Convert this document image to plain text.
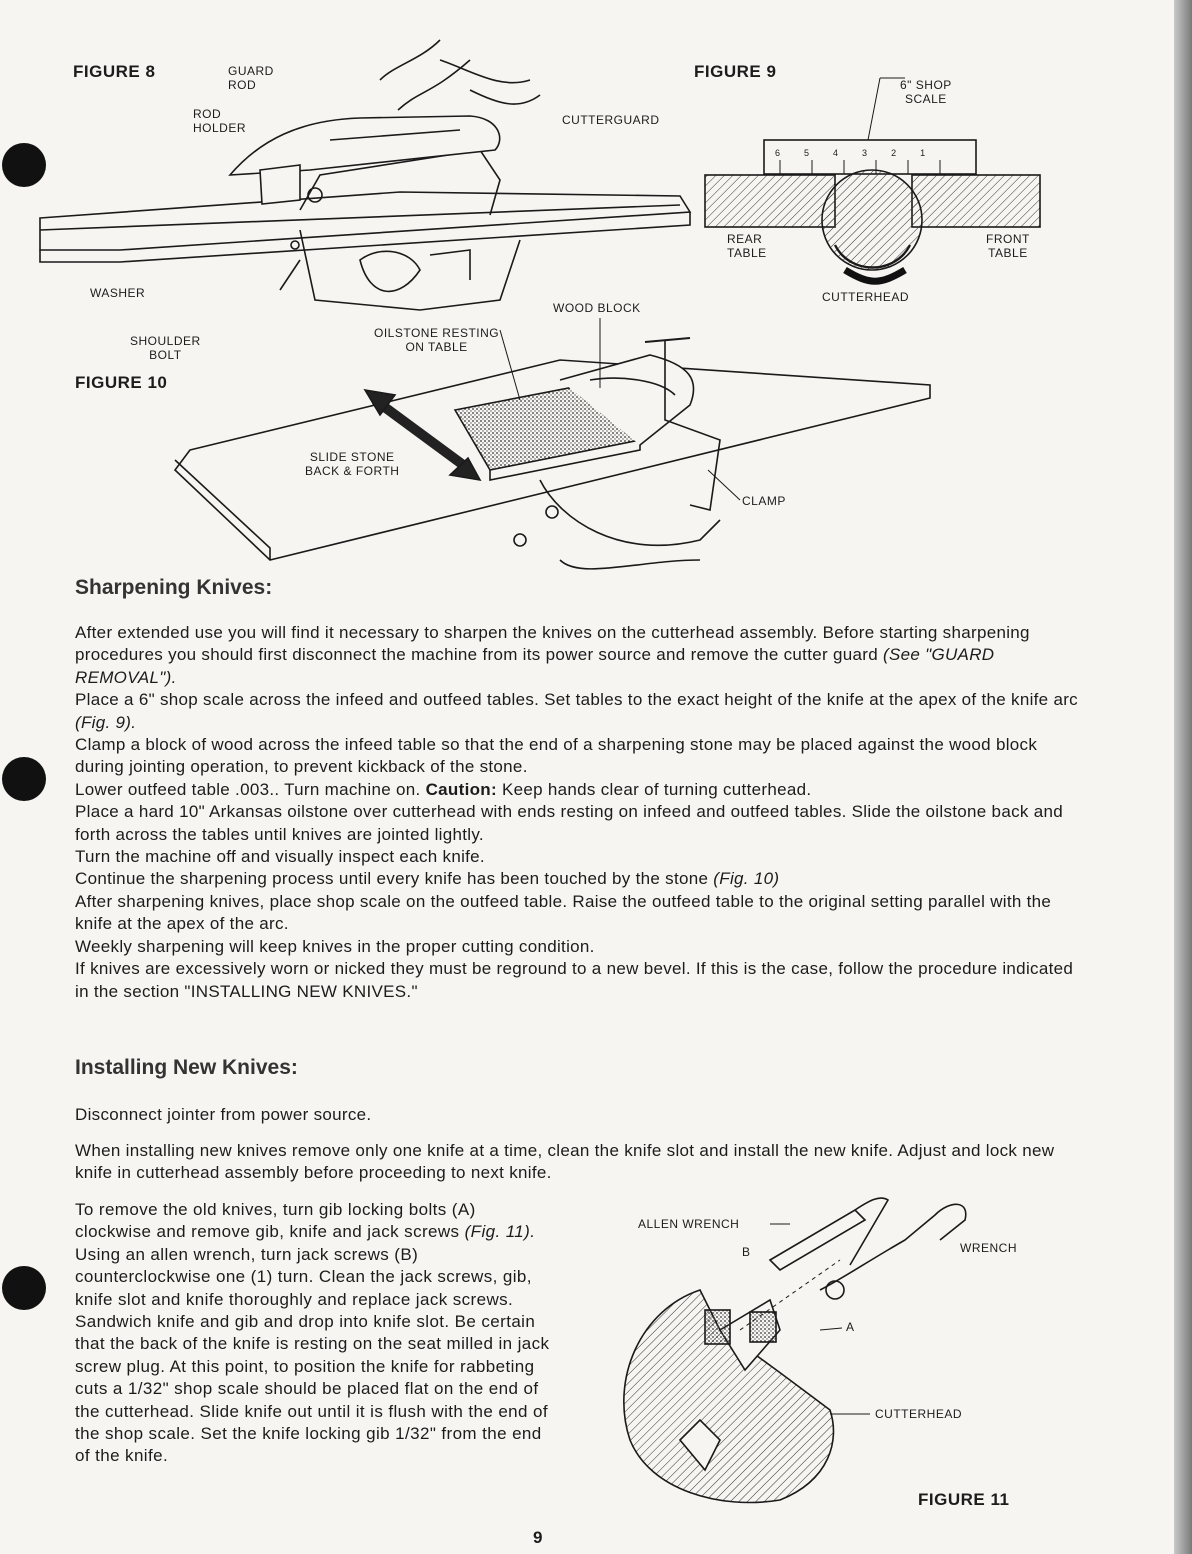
FIGURE 8	FIGURE 9
FIGURE 10
FIGURE 11
GUARD
ROD
ROD
HOLDER
CUTTERGUARD
WASHER
SHOULDER
BOLT
6" SHOP
SCALE
REAR
TABLE
FRONT
TABLE
CUTTERHEAD
654321
WOOD BLOCK
OILSTONE RESTING
ON TABLE
SLIDE STONE
BACK & FORTH
CLAMP
ALLEN WRENCH
B	WRENCH
A
CUTTERHEAD
Sharpening Knives:

After extended use you will find it necessary to sharpen the knives on the cutterhead assembly. Before starting sharpening procedures you should first disconnect the machine from its power source and remove the cutter guard (See "GUARD REMOVAL").

Place a 6" shop scale across the infeed and outfeed tables. Set tables to the exact height of the knife at the apex of the knife arc (Fig. 9).

Clamp a block of wood across the infeed table so that the end of a sharpening stone may be placed against the wood block during jointing operation, to prevent kickback of the stone.

Lower outfeed table .003.. Turn machine on. Caution: Keep hands clear of turning cutterhead.

Place a hard 10" Arkansas oilstone over cutterhead with ends resting on infeed and outfeed tables. Slide the oilstone back and forth across the tables until knives are jointed lightly.

Turn the machine off and visually inspect each knife.

Continue the sharpening process until every knife has been touched by the stone (Fig. 10)

After sharpening knives, place shop scale on the outfeed table. Raise the outfeed table to the original setting parallel with the knife at the apex of the arc.

Weekly sharpening will keep knives in the proper cutting condition.

If knives are excessively worn or nicked they must be reground to a new bevel. If this is the case, follow the procedure indicated in the section "INSTALLING NEW KNIVES."

Installing New Knives:
Disconnect jointer from power source.
When installing new knives remove only one knife at a time, clean the knife slot and install the new knife. Adjust and lock new knife in cutterhead assembly before proceeding to next knife.

To remove the old knives, turn gib locking bolts (A) clockwise and remove gib, knife and jack screws (Fig. 11). Using an allen wrench, turn jack screws (B) counterclockwise one (1) turn. Clean the jack screws, gib, knife slot and knife thoroughly and replace jack screws. Sandwich knife and gib and drop into knife slot. Be certain that the back of the knife is resting on the seat milled in jack screw plug. At this point, to position the knife for rabbeting cuts a 1/32" shop scale should be placed flat on the end of the cutterhead. Slide knife out until it is flush with the end of the shop scale. Set the knife locking gib 1/32" from the end of the knife.

9
